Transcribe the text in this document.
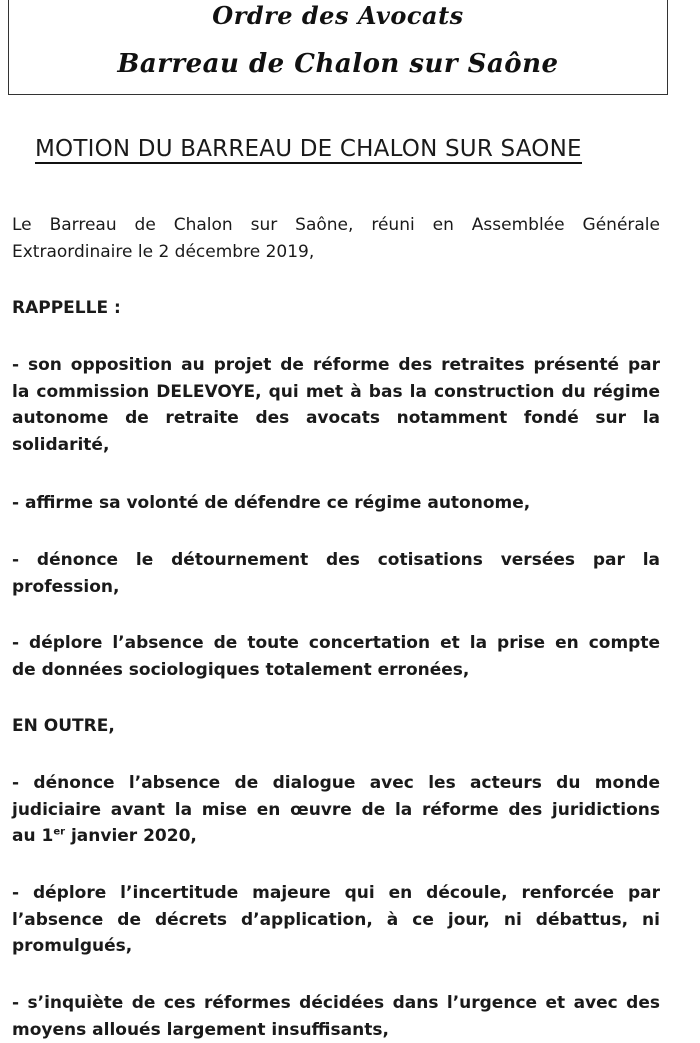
Ordre des Avocats
Barreau de Chalon sur Saône
MOTION DU BARREAU DE CHALON SUR SAONE
Le Barreau de Chalon sur Saône, réuni en Assemblée Générale
Extraordinaire le 2 décembre 2019,
RAPPELLE :
- son opposition au projet de réforme des retraites présenté par
la commission DELEVOYE, qui met à bas la construction du régime
autonome de retraite des avocats notamment fondé sur la
solidarité,
- affirme sa volonté de défendre ce régime autonome,
- dénonce le détournement des cotisations versées par la
profession,
- déplore l’absence de toute concertation et la prise en compte
de données sociologiques totalement erronées,
EN OUTRE,
- dénonce l’absence de dialogue avec les acteurs du monde
judiciaire avant la mise en œuvre de la réforme des juridictions
au 1er janvier 2020,
- déplore l’incertitude majeure qui en découle, renforcée par
l’absence de décrets d’application, à ce jour, ni débattus, ni
promulgués,
- s’inquiète de ces réformes décidées dans l’urgence et avec des
moyens alloués largement insuffisants,
